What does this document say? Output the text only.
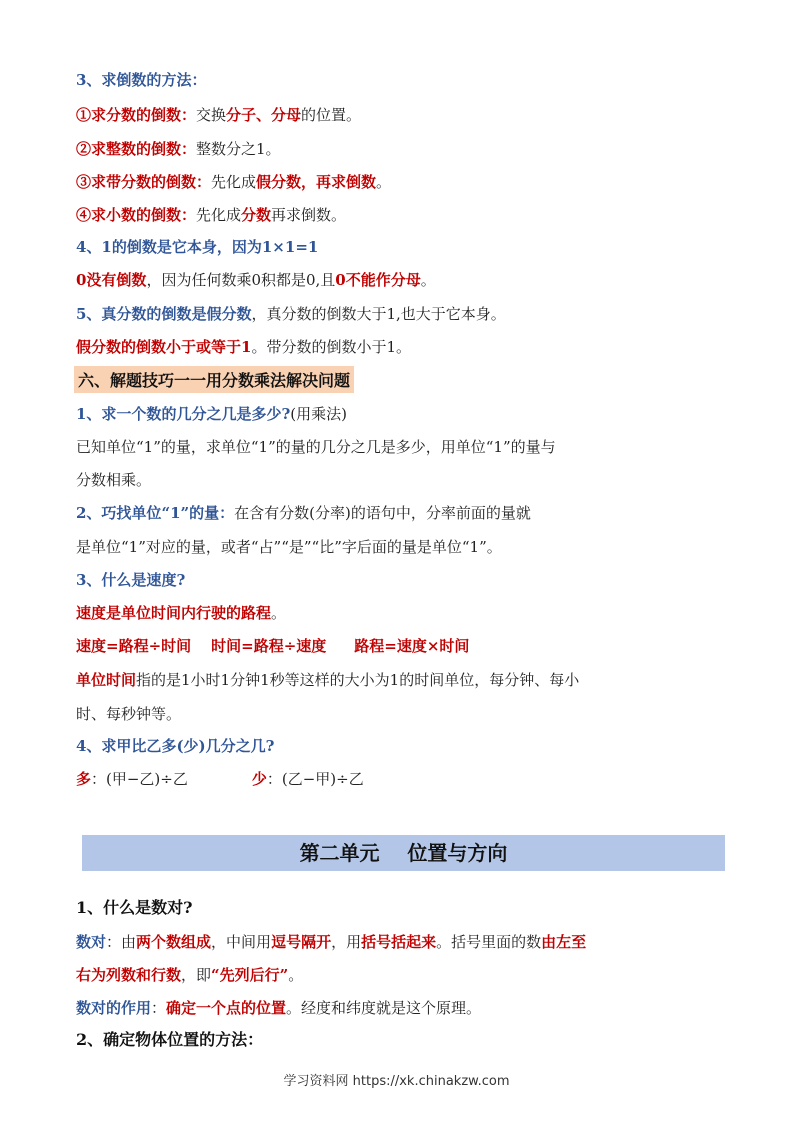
3、求倒数的方法：
①求分数的倒数：交换分子、分母的位置。
②求整数的倒数：整数分之1。
③求带分数的倒数：先化成假分数，再求倒数。
④求小数的倒数：先化成分数再求倒数。
4、1的倒数是它本身，因为1×1=1
0没有倒数，因为任何数乘0积都是0,且0不能作分母。
5、真分数的倒数是假分数，真分数的倒数大于1,也大于它本身。
假分数的倒数小于或等于1。带分数的倒数小于1。
六、解题技巧一一用分数乘法解决问题
1、求一个数的几分之几是多少?(用乘法)
已知单位“1”的量，求单位“1”的量的几分之几是多少，用单位“1”的量与
分数相乘。
2、巧找单位“1”的量：在含有分数(分率)的语句中，分率前面的量就
是单位“1”对应的量，或者“占”“是”“比”字后面的量是单位“1”。
3、什么是速度?
速度是单位时间内行驶的路程。
速度=路程÷时间 时间=路程÷速度 路程=速度×时间
单位时间指的是1小时1分钟1秒等这样的大小为1的时间单位，每分钟、每小
时、每秒钟等。
4、求甲比乙多(少)几分之几?
多：(甲−乙)÷乙	少：(乙−甲)÷乙
第二单元    位置与方向
1、什么是数对?
数对：由两个数组成，中间用逗号隔开，用括号括起来。括号里面的数由左至
右为列数和行数，即“先列后行”。
数对的作用：确定一个点的位置。经度和纬度就是这个原理。
2、确定物体位置的方法：
学习资料网 https://xk.chinakzw.com
